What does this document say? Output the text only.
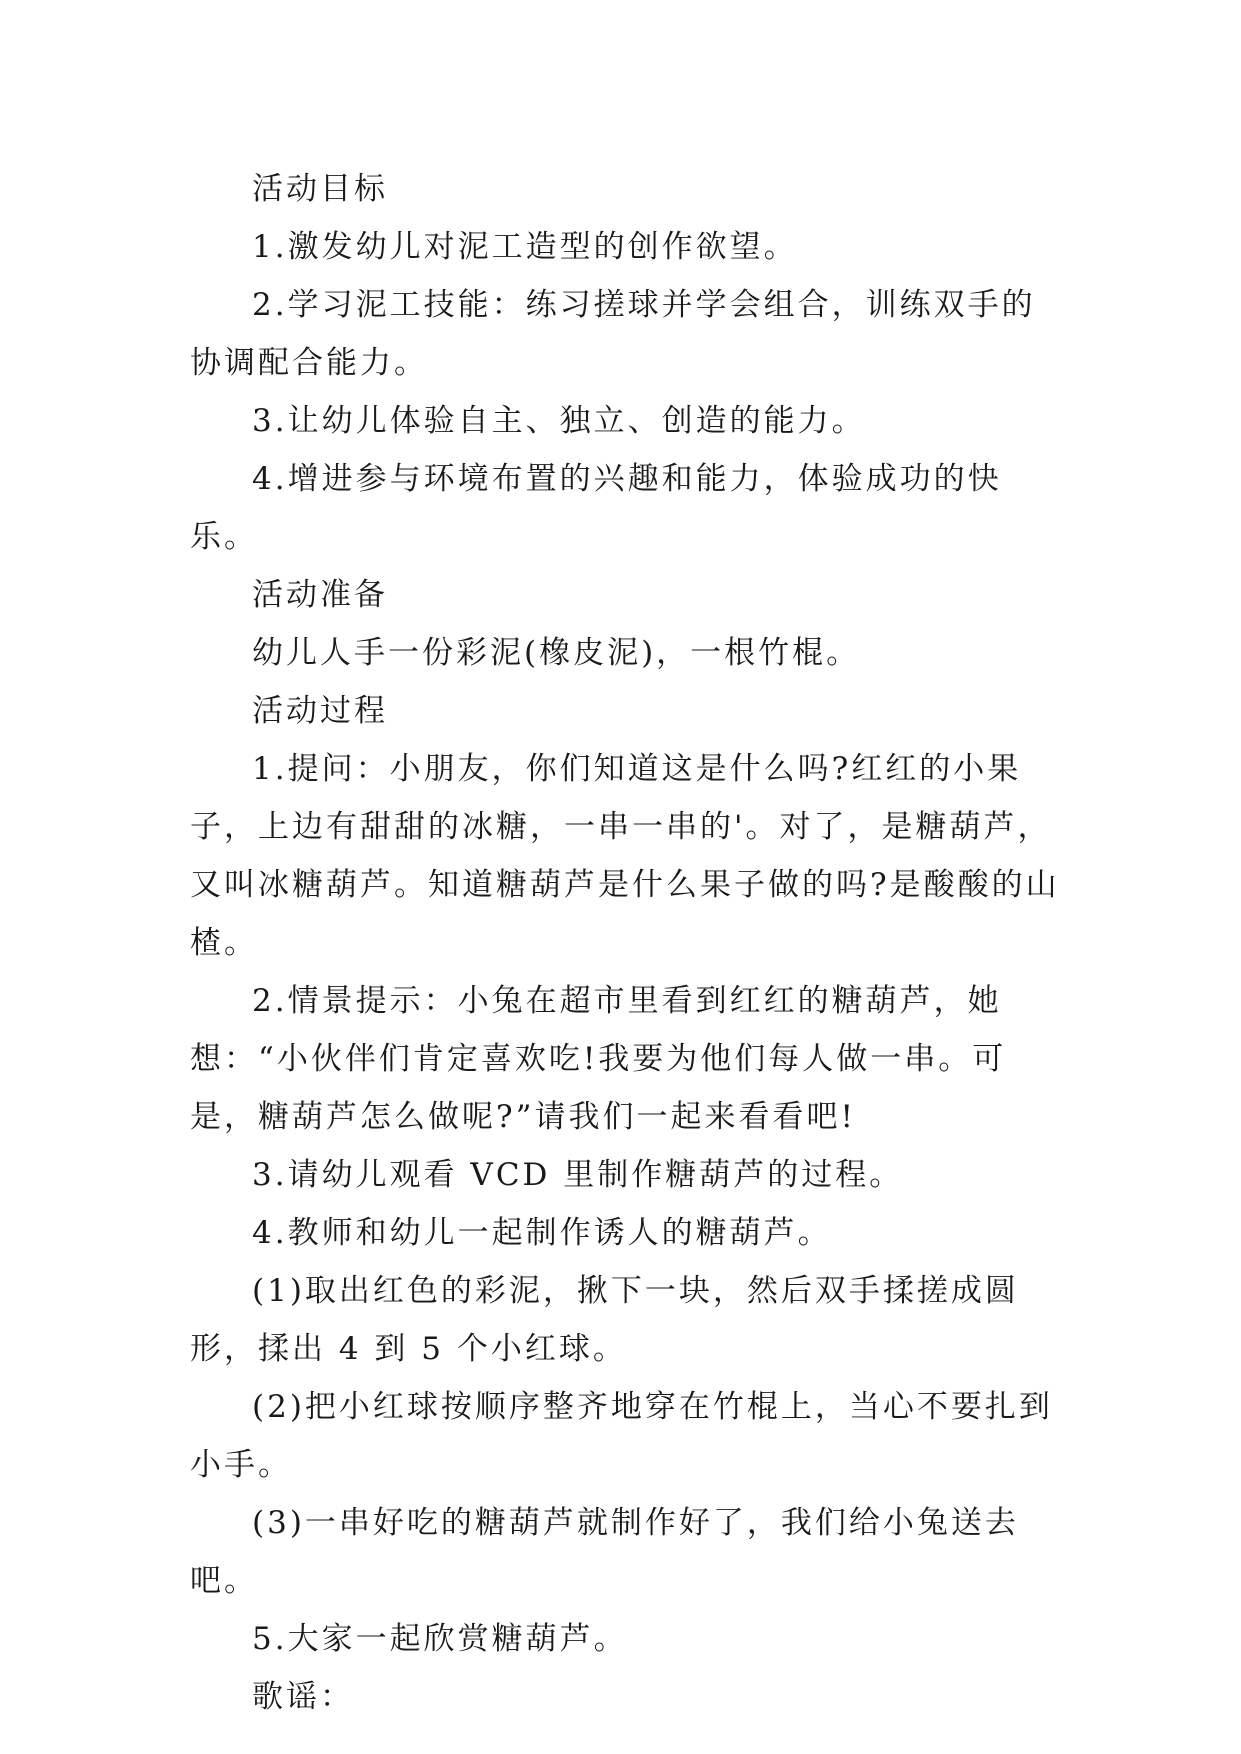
活动目标

1.激发幼儿对泥工造型的创作欲望。

2.学习泥工技能：练习搓球并学会组合，训练双手的协调配合能力。

3.让幼儿体验自主、独立、创造的能力。

4.增进参与环境布置的兴趣和能力，体验成功的快乐。

活动准备

幼儿人手一份彩泥(橡皮泥)，一根竹棍。

活动过程

1.提问：小朋友，你们知道这是什么吗?红红的小果子，上边有甜甜的冰糖，一串一串的'。对了，是糖葫芦，又叫冰糖葫芦。知道糖葫芦是什么果子做的吗?是酸酸的山楂。

2.情景提示：小兔在超市里看到红红的糖葫芦，她想：“小伙伴们肯定喜欢吃!我要为他们每人做一串。可是，糖葫芦怎么做呢?”请我们一起来看看吧!

3.请幼儿观看 VCD 里制作糖葫芦的过程。

4.教师和幼儿一起制作诱人的糖葫芦。

(1)取出红色的彩泥，揪下一块，然后双手揉搓成圆形，揉出 4 到 5 个小红球。

(2)把小红球按顺序整齐地穿在竹棍上，当心不要扎到小手。

(3)一串好吃的糖葫芦就制作好了，我们给小兔送去吧。

5.大家一起欣赏糖葫芦。

歌谣：
